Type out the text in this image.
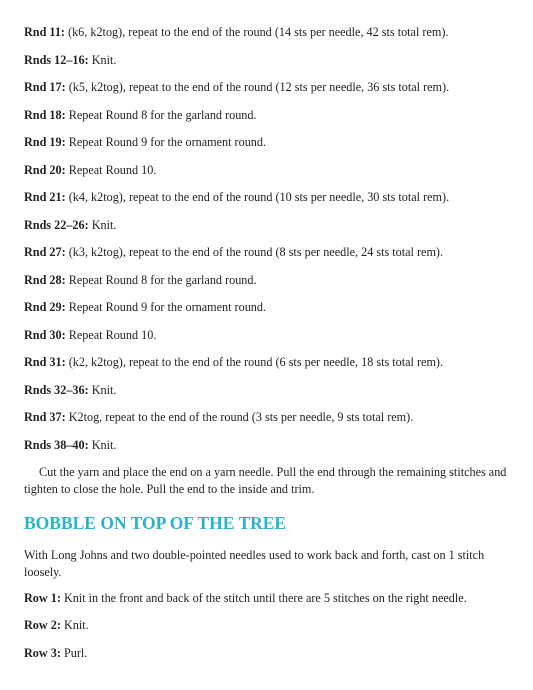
Rnd 11: (k6, k2tog), repeat to the end of the round (14 sts per needle, 42 sts total rem).
Rnds 12–16: Knit.
Rnd 17: (k5, k2tog), repeat to the end of the round (12 sts per needle, 36 sts total rem).
Rnd 18: Repeat Round 8 for the garland round.
Rnd 19: Repeat Round 9 for the ornament round.
Rnd 20: Repeat Round 10.
Rnd 21: (k4, k2tog), repeat to the end of the round (10 sts per needle, 30 sts total rem).
Rnds 22–26: Knit.
Rnd 27: (k3, k2tog), repeat to the end of the round (8 sts per needle, 24 sts total rem).
Rnd 28: Repeat Round 8 for the garland round.
Rnd 29: Repeat Round 9 for the ornament round.
Rnd 30: Repeat Round 10.
Rnd 31: (k2, k2tog), repeat to the end of the round (6 sts per needle, 18 sts total rem).
Rnds 32–36: Knit.
Rnd 37: K2tog, repeat to the end of the round (3 sts per needle, 9 sts total rem).
Rnds 38–40: Knit.
Cut the yarn and place the end on a yarn needle. Pull the end through the remaining stitches and tighten to close the hole. Pull the end to the inside and trim.
BOBBLE ON TOP OF THE TREE
With Long Johns and two double-pointed needles used to work back and forth, cast on 1 stitch loosely.
Row 1: Knit in the front and back of the stitch until there are 5 stitches on the right needle.
Row 2: Knit.
Row 3: Purl.
